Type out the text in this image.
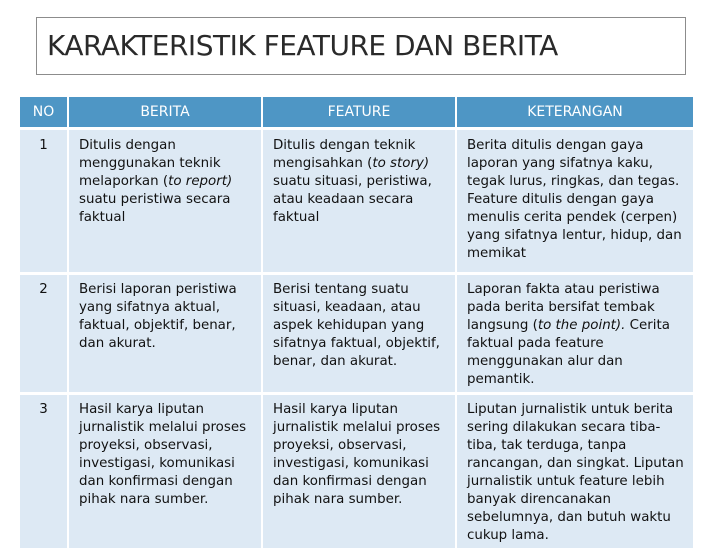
KARAKTERISTIK FEATURE DAN BERITA
NO	BERITA	FEATURE	KETERANGAN
1	Ditulis dengan menggunakan teknik melaporkan (to report) suatu peristiwa secara faktual	Ditulis dengan teknik mengisahkan (to story) suatu situasi, peristiwa, atau keadaan secara faktual	Berita ditulis dengan gaya laporan yang sifatnya kaku, tegak lurus, ringkas, dan tegas. Feature ditulis dengan gaya menulis cerita pendek (cerpen) yang sifatnya lentur, hidup, dan memikat
2	Berisi laporan peristiwa yang sifatnya aktual, faktual, objektif, benar, dan akurat.	Berisi tentang suatu situasi, keadaan, atau aspek kehidupan yang sifatnya faktual, objektif, benar, dan akurat.	Laporan fakta atau peristiwa pada berita bersifat tembak langsung (to the point). Cerita faktual pada feature menggunakan alur dan pemantik.
3	Hasil karya liputan jurnalistik melalui proses proyeksi, observasi, investigasi, komunikasi dan konfirmasi dengan pihak nara sumber.	Hasil karya liputan jurnalistik melalui proses proyeksi, observasi, investigasi, komunikasi dan konfirmasi dengan pihak nara sumber.	Liputan jurnalistik untuk berita sering dilakukan secara tiba-tiba, tak terduga, tanpa rancangan, dan singkat. Liputan jurnalistik untuk feature lebih banyak direncanakan sebelumnya, dan butuh waktu cukup lama.
